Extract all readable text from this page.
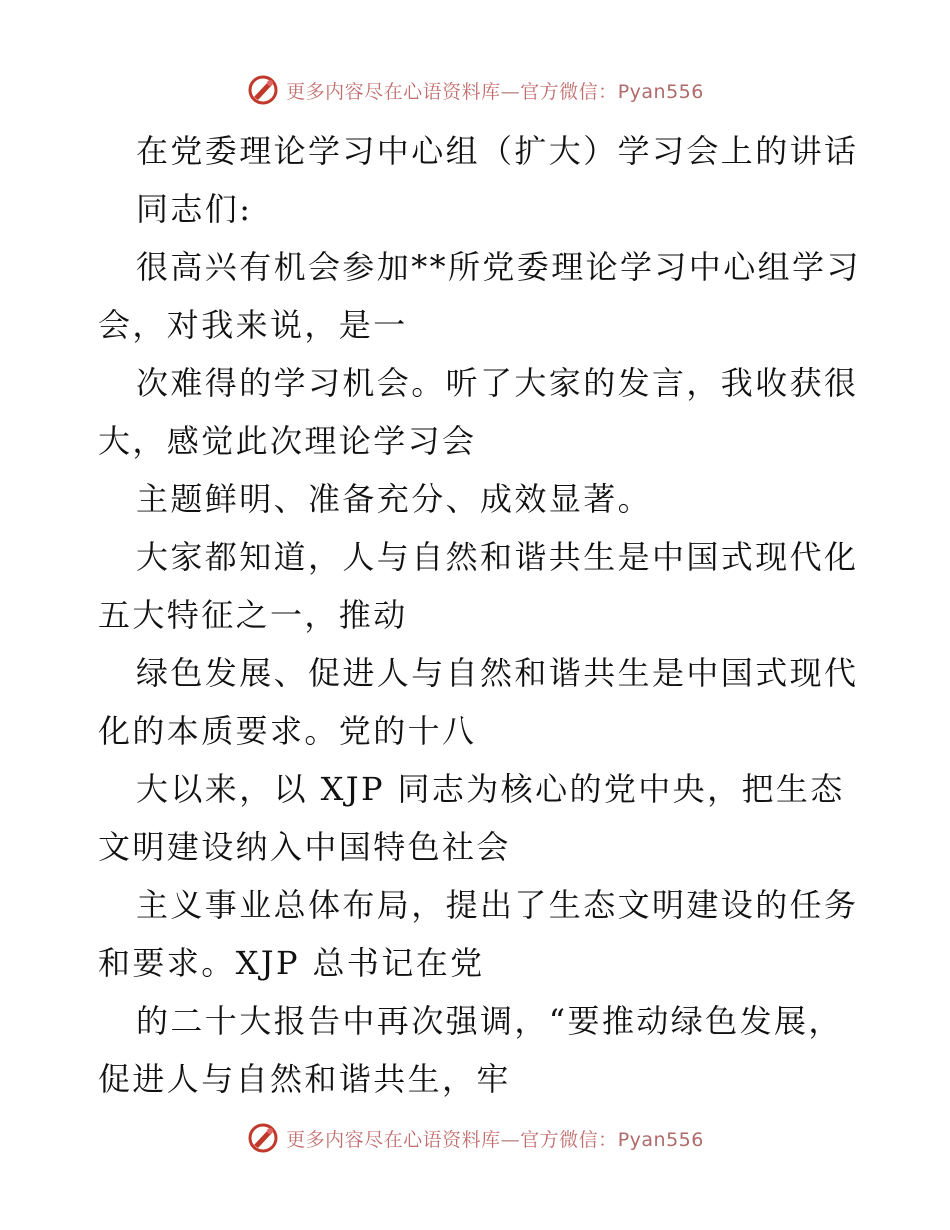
更多内容尽在心语资料库—官方微信：Pyan556
在党委理论学习中心组（扩大）学习会上的讲话
同志们:
很高兴有机会参加**所党委理论学习中心组学习
会，对我来说，是一
次难得的学习机会。听了大家的发言，我收获很
大，感觉此次理论学习会
主题鲜明、准备充分、成效显著。
大家都知道，人与自然和谐共生是中国式现代化
五大特征之一，推动
绿色发展、促进人与自然和谐共生是中国式现代
化的本质要求。党的十八
大以来，以 XJP 同志为核心的党中央，把生态
文明建设纳入中国特色社会
主义事业总体布局，提出了生态文明建设的任务
和要求。XJP 总书记在党
的二十大报告中再次强调，“要推动绿色发展，
促进人与自然和谐共生，牢
更多内容尽在心语资料库—官方微信：Pyan556
